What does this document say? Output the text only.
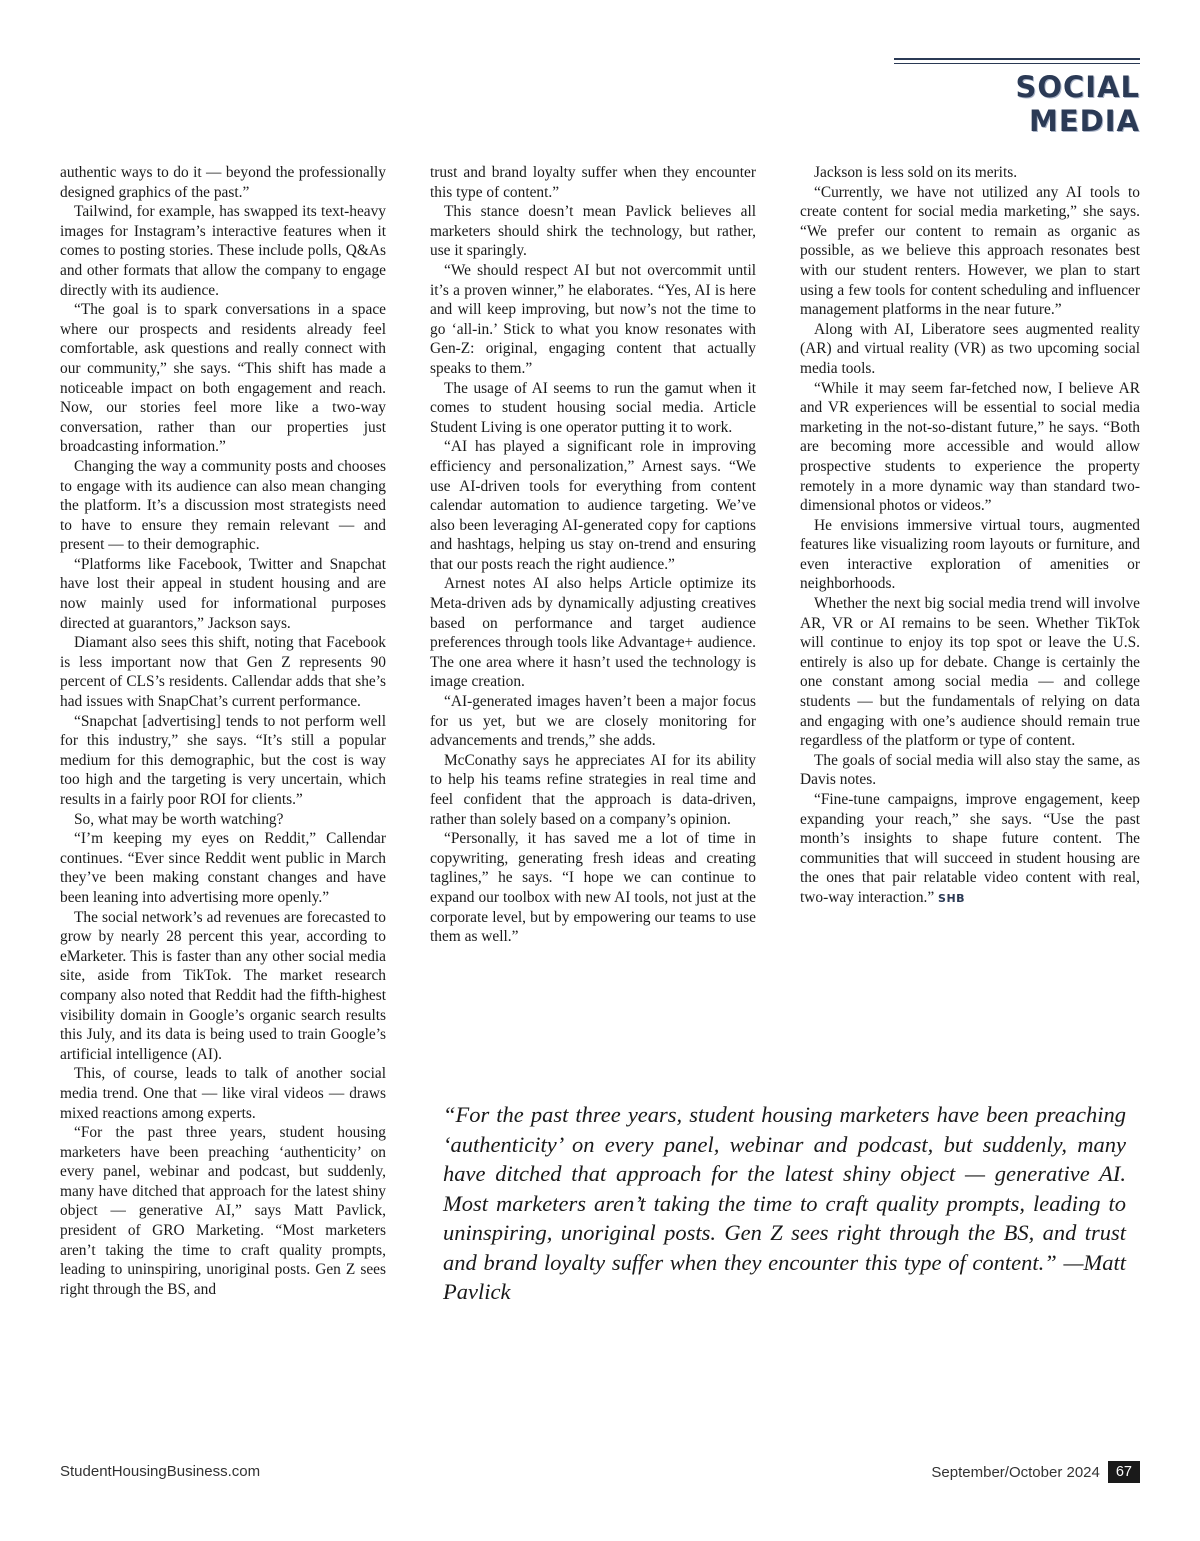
SOCIAL MEDIA

authentic ways to do it — beyond the professionally designed graphics of the past.”

Tailwind, for example, has swapped its text-heavy images for Instagram’s interactive features when it comes to posting stories. These include polls, Q&As and other formats that allow the company to engage directly with its audience.

“The goal is to spark conversations in a space where our prospects and residents already feel comfortable, ask questions and really connect with our community,” she says. “This shift has made a noticeable impact on both engagement and reach. Now, our stories feel more like a two-way conversation, rather than our properties just broadcasting information.”

Changing the way a community posts and chooses to engage with its audience can also mean changing the platform. It’s a discussion most strategists need to have to ensure they remain relevant — and present — to their demographic.

“Platforms like Facebook, Twitter and Snapchat have lost their appeal in student housing and are now mainly used for informational purposes directed at guarantors,” Jackson says.

Diamant also sees this shift, noting that Facebook is less important now that Gen Z represents 90 percent of CLS’s residents. Callendar adds that she’s had issues with SnapChat’s current performance.

“Snapchat [advertising] tends to not perform well for this industry,” she says. “It’s still a popular medium for this demographic, but the cost is way too high and the targeting is very uncertain, which results in a fairly poor ROI for clients.”

So, what may be worth watching?

“I’m keeping my eyes on Reddit,” Callendar continues. “Ever since Reddit went public in March they’ve been making constant changes and have been leaning into advertising more openly.”

The social network’s ad revenues are forecasted to grow by nearly 28 percent this year, according to eMarketer. This is faster than any other social media site, aside from TikTok. The market research company also noted that Reddit had the fifth-highest visibility domain in Google’s organic search results this July, and its data is being used to train Google’s artificial intelligence (AI).

This, of course, leads to talk of another social media trend. One that — like viral videos — draws mixed reactions among experts.

“For the past three years, student housing marketers have been preaching ‘authenticity’ on every panel, webinar and podcast, but suddenly, many have ditched that approach for the latest shiny object — generative AI,” says Matt Pavlick, president of GRO Marketing. “Most marketers aren’t taking the time to craft quality prompts, leading to uninspiring, unoriginal posts. Gen Z sees right through the BS, and

trust and brand loyalty suffer when they encounter this type of content.”

This stance doesn’t mean Pavlick believes all marketers should shirk the technology, but rather, use it sparingly.

“We should respect AI but not overcommit until it’s a proven winner,” he elaborates. “Yes, AI is here and will keep improving, but now’s not the time to go ‘all-in.’ Stick to what you know resonates with Gen-Z: original, engaging content that actually speaks to them.”

The usage of AI seems to run the gamut when it comes to student housing social media. Article Student Living is one operator putting it to work.

“AI has played a significant role in improving efficiency and personalization,” Arnest says. “We use AI-driven tools for everything from content calendar automation to audience targeting. We’ve also been leveraging AI-generated copy for captions and hashtags, helping us stay on-trend and ensuring that our posts reach the right audience.”

Arnest notes AI also helps Article optimize its Meta-driven ads by dynamically adjusting creatives based on performance and target audience preferences through tools like Advantage+ audience. The one area where it hasn’t used the technology is image creation.

“AI-generated images haven’t been a major focus for us yet, but we are closely monitoring for advancements and trends,” she adds.

McConathy says he appreciates AI for its ability to help his teams refine strategies in real time and feel confident that the approach is data-driven, rather than solely based on a company’s opinion.

“Personally, it has saved me a lot of time in copywriting, generating fresh ideas and creating taglines,” he says. “I hope we can continue to expand our toolbox with new AI tools, not just at the corporate level, but by empowering our teams to use them as well.”

Jackson is less sold on its merits.

“Currently, we have not utilized any AI tools to create content for social media marketing,” she says. “We prefer our content to remain as organic as possible, as we believe this approach resonates best with our student renters. However, we plan to start using a few tools for content scheduling and influencer management platforms in the near future.”

Along with AI, Liberatore sees augmented reality (AR) and virtual reality (VR) as two upcoming social media tools.

“While it may seem far-fetched now, I believe AR and VR experiences will be essential to social media marketing in the not-so-distant future,” he says. “Both are becoming more accessible and would allow prospective students to experience the property remotely in a more dynamic way than standard two-dimensional photos or videos.”

He envisions immersive virtual tours, augmented features like visualizing room layouts or furniture, and even interactive exploration of amenities or neighborhoods.

Whether the next big social media trend will involve AR, VR or AI remains to be seen. Whether TikTok will continue to enjoy its top spot or leave the U.S. entirely is also up for debate. Change is certainly the one constant among social media — and college students — but the fundamentals of relying on data and engaging with one’s audience should remain true regardless of the platform or type of content.

The goals of social media will also stay the same, as Davis notes.

“Fine-tune campaigns, improve engagement, keep expanding your reach,” she says. “Use the past month’s insights to shape future content. The communities that will succeed in student housing are the ones that pair relatable video content with real, two-way interaction.” SHB

“For the past three years, student housing marketers have been preaching ‘authenticity’ on every panel, webinar and podcast, but suddenly, many have ditched that approach for the latest shiny object — generative AI. Most marketers aren’t taking the time to craft quality prompts, leading to uninspiring, unoriginal posts. Gen Z sees right through the BS, and trust and brand loyalty suffer when they encounter this type of content.” —Matt Pavlick

StudentHousingBusiness.com	September/October 2024	67
